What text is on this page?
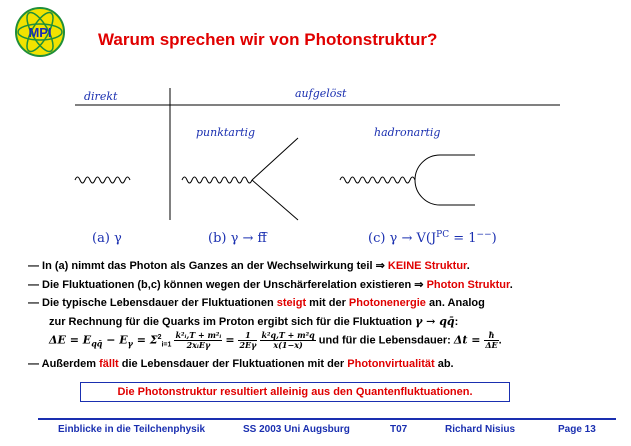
MPI	Warum sprechen wir von Photonstruktur?
direkt	aufgelöst
punktartig	hadronartig
(a) γ	(b) γ → ff̄	(c) $\gamma \to V(J^{PC} = 1^{--})$
— In (a) nimmt das Photon als Ganzes an der Wechselwirkung teil ⇒ KEINE Struktur.
— Die Fluktuationen (b,c) können wegen der Unschärferelation existieren ⇒ Photon Struktur.
— Die typische Lebensdauer der Fluktuationen steigt mit der Photonenergie an. Analog
zur Rechnung für die Quarks im Proton ergibt sich für die Fluktuation γ → qq̄:
$\Delta E = E_{qq̄} - E_\gamma = \Sigma^2_{i=1} \frac{\text{k²ᵢ,T + m²ᵢ}}{\text{2xᵢEγ}} = \frac{1}{2E\gamma}$
$\frac{\text{k²q,T + m²q}}{x(1-x)}$ und für die Lebensdauer: $\Delta t = \frac{ħ}{\Delta E}$ .
— Außerdem fällt die Lebensdauer der Fluktuationen mit der Photonvirtualität ab.
Die Photonstruktur resultiert alleinig aus den Quantenfluktuationen.
Einblicke in die Teilchenphysik	SS 2003 Uni Augsburg	T07	Richard Nisius	Page 13
